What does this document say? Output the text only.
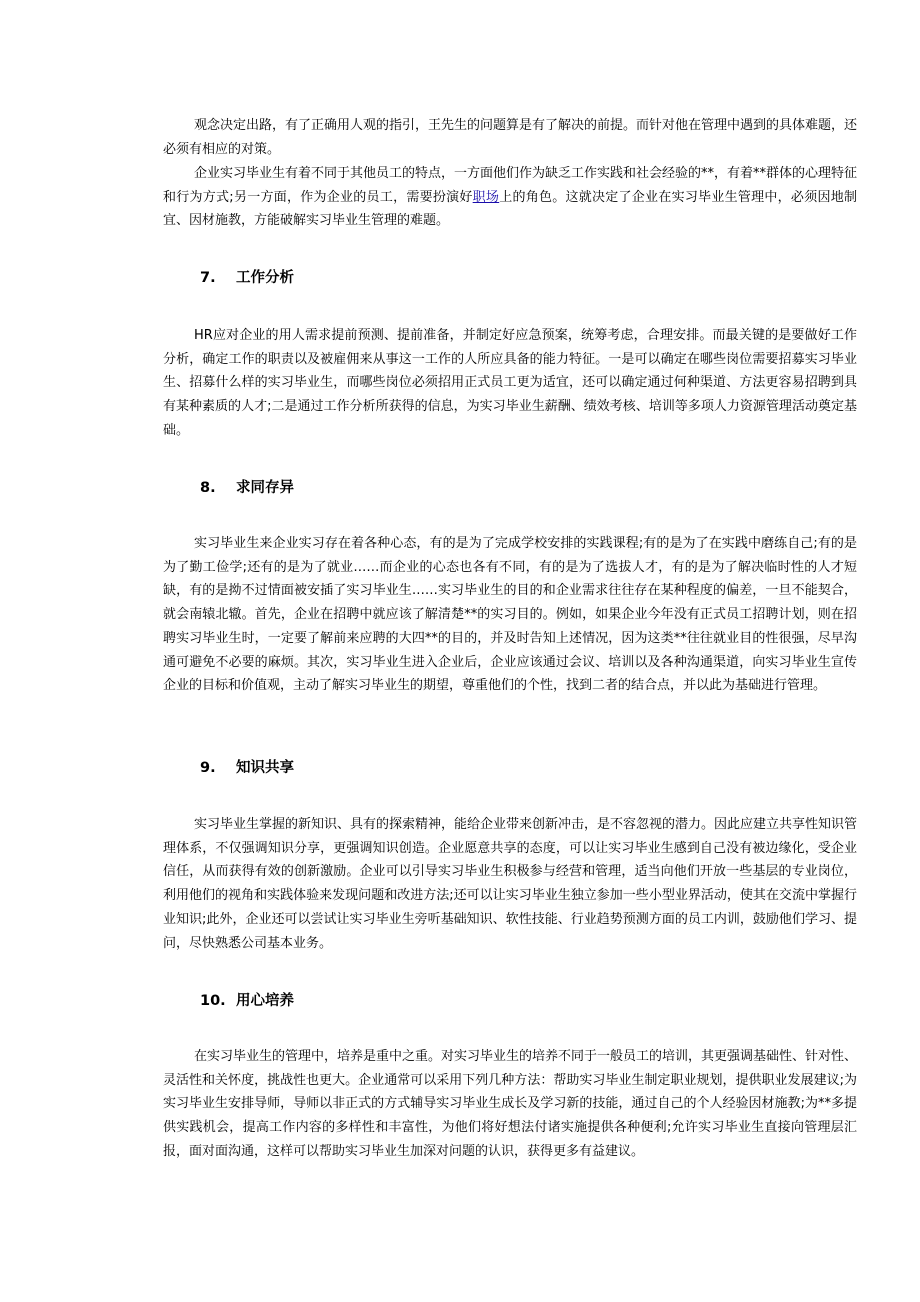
观念决定出路，有了正确用人观的指引，王先生的问题算是有了解决的前提。而针对他在管理中遇到的具体难题，还必须有相应的对策。

企业实习毕业生有着不同于其他员工的特点，一方面他们作为缺乏工作实践和社会经验的**，有着**群体的心理特征和行为方式;另一方面，作为企业的员工，需要扮演好职场上的角色。这就决定了企业在实习毕业生管理中，必须因地制宜、因材施教，方能破解实习毕业生管理的难题。

7. 工作分析

HR应对企业的用人需求提前预测、提前准备，并制定好应急预案，统筹考虑，合理安排。而最关键的是要做好工作分析，确定工作的职责以及被雇佣来从事这一工作的人所应具备的能力特征。一是可以确定在哪些岗位需要招募实习毕业生、招募什么样的实习毕业生，而哪些岗位必须招用正式员工更为适宜，还可以确定通过何种渠道、方法更容易招聘到具有某种素质的人才;二是通过工作分析所获得的信息，为实习毕业生薪酬、绩效考核、培训等多项人力资源管理活动奠定基础。

8. 求同存异

实习毕业生来企业实习存在着各种心态，有的是为了完成学校安排的实践课程;有的是为了在实践中磨练自己;有的是为了勤工俭学;还有的是为了就业……而企业的心态也各有不同，有的是为了选拔人才，有的是为了解决临时性的人才短缺，有的是拗不过情面被安插了实习毕业生……实习毕业生的目的和企业需求往往存在某种程度的偏差，一旦不能契合，就会南辕北辙。首先，企业在招聘中就应该了解清楚**的实习目的。例如，如果企业今年没有正式员工招聘计划，则在招聘实习毕业生时，一定要了解前来应聘的大四**的目的，并及时告知上述情况，因为这类**往往就业目的性很强，尽早沟通可避免不必要的麻烦。其次，实习毕业生进入企业后，企业应该通过会议、培训以及各种沟通渠道，向实习毕业生宣传企业的目标和价值观，主动了解实习毕业生的期望，尊重他们的个性，找到二者的结合点，并以此为基础进行管理。

9. 知识共享

实习毕业生掌握的新知识、具有的探索精神，能给企业带来创新冲击，是不容忽视的潜力。因此应建立共享性知识管理体系，不仅强调知识分享，更强调知识创造。企业愿意共享的态度，可以让实习毕业生感到自己没有被边缘化，受企业信任，从而获得有效的创新激励。企业可以引导实习毕业生积极参与经营和管理，适当向他们开放一些基层的专业岗位，利用他们的视角和实践体验来发现问题和改进方法;还可以让实习毕业生独立参加一些小型业界活动，使其在交流中掌握行业知识;此外，企业还可以尝试让实习毕业生旁听基础知识、软性技能、行业趋势预测方面的员工内训，鼓励他们学习、提问，尽快熟悉公司基本业务。

10. 用心培养

在实习毕业生的管理中，培养是重中之重。对实习毕业生的培养不同于一般员工的培训，其更强调基础性、针对性、灵活性和关怀度，挑战性也更大。企业通常可以采用下列几种方法：帮助实习毕业生制定职业规划，提供职业发展建议;为实习毕业生安排导师，导师以非正式的方式辅导实习毕业生成长及学习新的技能，通过自己的个人经验因材施教;为**多提供实践机会，提高工作内容的多样性和丰富性，为他们将好想法付诸实施提供各种便利;允许实习毕业生直接向管理层汇报，面对面沟通，这样可以帮助实习毕业生加深对问题的认识，获得更多有益建议。
